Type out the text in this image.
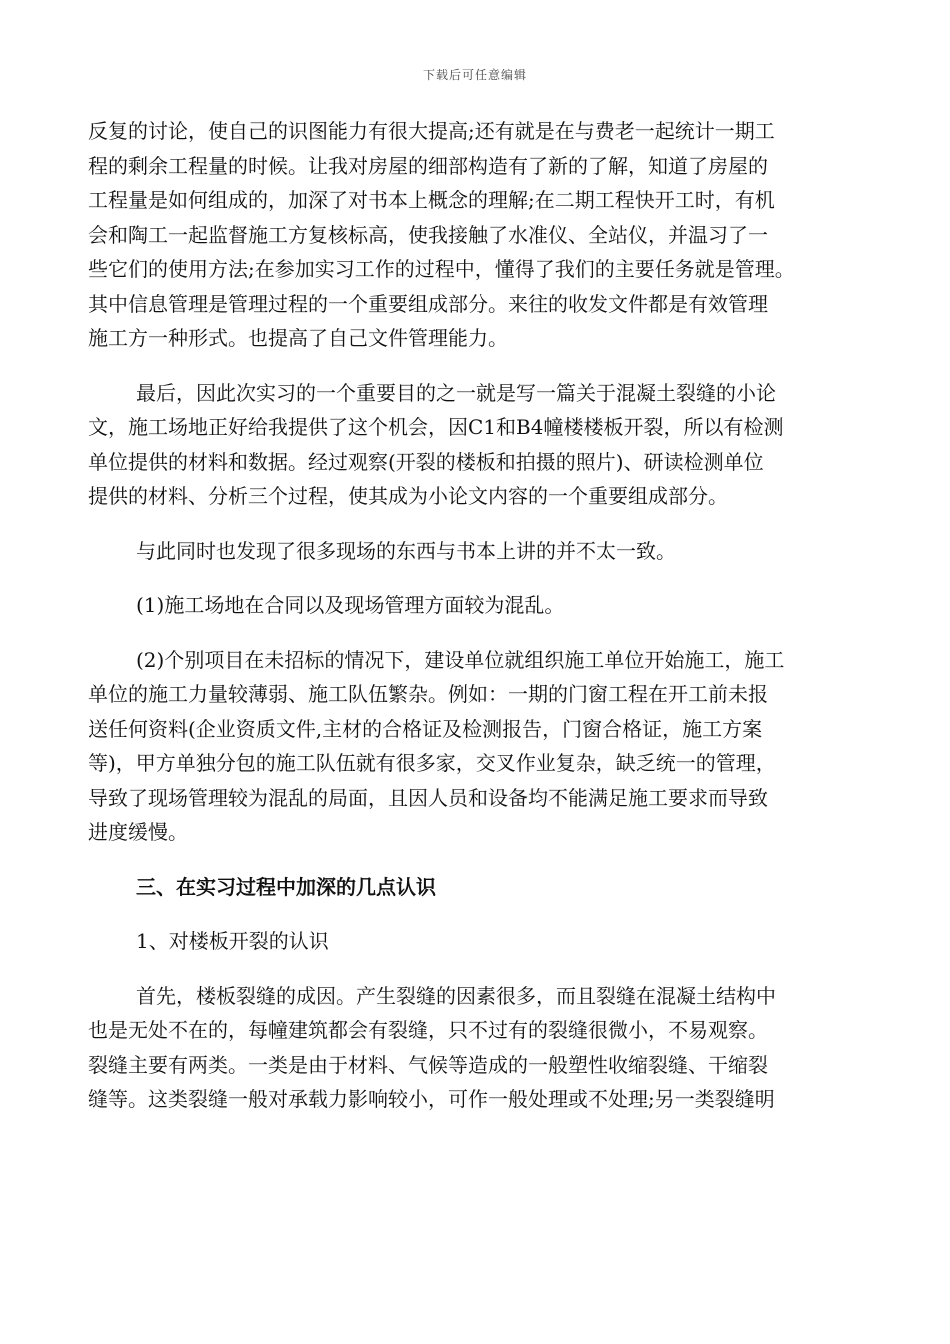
下载后可任意编辑
反复的讨论，使自己的识图能力有很大提高;还有就是在与费老一起统计一期工
程的剩余工程量的时候。让我对房屋的细部构造有了新的了解，知道了房屋的
工程量是如何组成的，加深了对书本上概念的理解;在二期工程快开工时，有机
会和陶工一起监督施工方复核标高，使我接触了水准仪、全站仪，并温习了一
些它们的使用方法;在参加实习工作的过程中，懂得了我们的主要任务就是管理。
其中信息管理是管理过程的一个重要组成部分。来往的收发文件都是有效管理
施工方一种形式。也提高了自己文件管理能力。
最后，因此次实习的一个重要目的之一就是写一篇关于混凝土裂缝的小论
文，施工场地正好给我提供了这个机会，因C1和B4幢楼楼板开裂，所以有检测
单位提供的材料和数据。经过观察(开裂的楼板和拍摄的照片)、研读检测单位
提供的材料、分析三个过程，使其成为小论文内容的一个重要组成部分。
与此同时也发现了很多现场的东西与书本上讲的并不太一致。
(1)施工场地在合同以及现场管理方面较为混乱。
(2)个别项目在未招标的情况下，建设单位就组织施工单位开始施工，施工
单位的施工力量较薄弱、施工队伍繁杂。例如：一期的门窗工程在开工前未报
送任何资料(企业资质文件,主材的合格证及检测报告，门窗合格证，施工方案
等)，甲方单独分包的施工队伍就有很多家，交叉作业复杂，缺乏统一的管理，
导致了现场管理较为混乱的局面，且因人员和设备均不能满足施工要求而导致
进度缓慢。
三、在实习过程中加深的几点认识
1、对楼板开裂的认识
首先，楼板裂缝的成因。产生裂缝的因素很多，而且裂缝在混凝土结构中
也是无处不在的，每幢建筑都会有裂缝，只不过有的裂缝很微小，不易观察。
裂缝主要有两类。一类是由于材料、气候等造成的一般塑性收缩裂缝、干缩裂
缝等。这类裂缝一般对承载力影响较小，可作一般处理或不处理;另一类裂缝明
